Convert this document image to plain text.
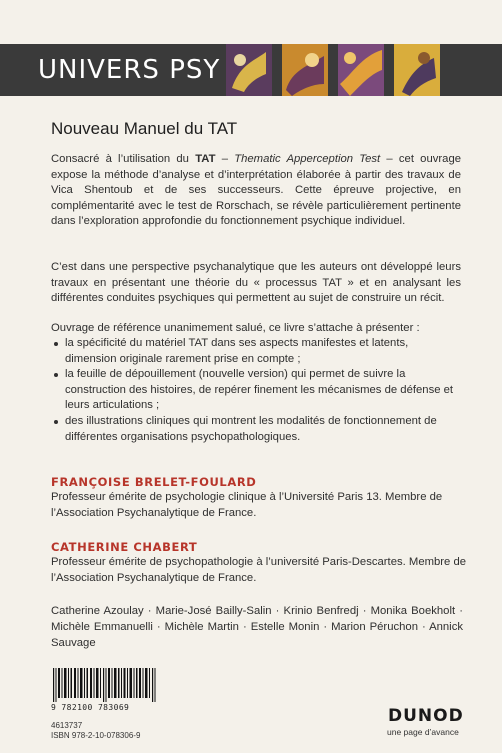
UNIVERS PSY
Nouveau Manuel du TAT

Consacré à l’utilisation du TAT – Thematic Apperception Test – cet ouvrage expose la méthode d’analyse et d’interprétation élaborée à partir des travaux de Vica Shentoub et de ses successeurs. Cette épreuve projective, en complémentarité avec le test de Rorschach, se révèle particulièrement pertinente dans l’exploration approfondie du fonctionnement psychique individuel.

C’est dans une perspective psychanalytique que les auteurs ont développé leurs travaux en présentant une théorie du « processus TAT » et en analysant les différentes conduites psychiques qui permettent au sujet de construire un récit.

Ouvrage de référence unanimement salué, ce livre s’attache à présenter :

la spécificité du matériel TAT dans ses aspects manifestes et latents, dimension originale rarement prise en compte ;
la feuille de dépouillement (nouvelle version) qui permet de suivre la construction des histoires, de repérer finement les mécanismes de défense et leurs articulations ;
des illustrations cliniques qui montrent les modalités de fonctionnement de différentes organisations psychopathologiques.
FRANÇOISE BRELET-FOULARD
Professeur émérite de psychologie clinique à l’Université Paris 13. Membre de l’Association Psychanalytique de France.
CATHERINE CHABERT
Professeur émérite de psychopathologie à l’université Paris-Descartes. Membre de l’Association Psychanalytique de France.
Catherine Azoulay · Marie-José Bailly-Salin · Krinio Benfredj · Monika Boekholt · Michèle Emmanuelli · Michèle Martin · Estelle Monin · Marion Péruchon · Annick Sauvage
9 782100 783069
4613737
ISBN 978-2-10-078306-9
DUNOD
une page d’avance
